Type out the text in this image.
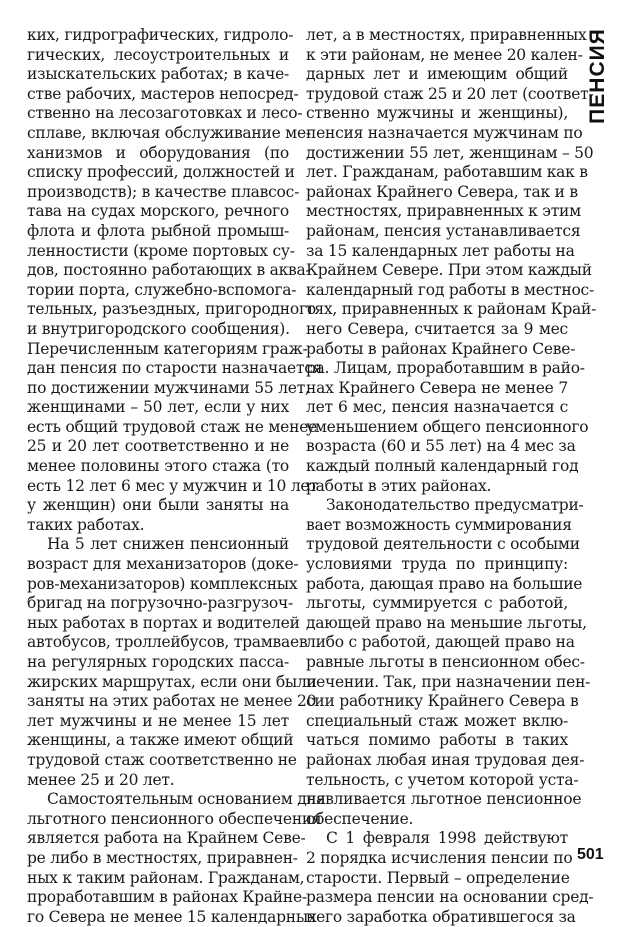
ПЕНСИЯ
ких, гидрографических, гидроло-
гических, лесоустроительных и
изыскательских работах; в каче-
стве рабочих, мастеров непосред-
ственно на лесозаготовках и лесо-
сплаве, включая обслуживание ме-
ханизмов и оборудования (по
списку профессий, должностей и
производств); в качестве плавсос-
тава на судах морского, речного
флота и флота рыбной промыш-
ленностисти (кроме портовых су-
дов, постоянно работающих в аква-
тории порта, служебно-вспомога-
тельных, разъездных, пригородного
и внутригородского сообщения).
Перечисленным категориям граж-
дан пенсия по старости назначается
по достижении мужчинами 55 лет,
женщинами – 50 лет, если у них
есть общий трудовой стаж не менее
25 и 20 лет соответственно и не
менее половины этого стажа (то
есть 12 лет 6 мес у мужчин и 10 лет
у женщин) они были заняты на
таких работах.
На 5 лет снижен пенсионный
возраст для механизаторов (доке-
ров-механизаторов) комплексных
бригад на погрузочно-разгрузоч-
ных работах в портах и водителей
автобусов, троллейбусов, трамваев
на регулярных городских пасса-
жирских маршрутах, если они были
заняты на этих работах не менее 20
лет мужчины и не менее 15 лет
женщины, а также имеют общий
трудовой стаж соответственно не
менее 25 и 20 лет.
Самостоятельным основанием для
льготного пенсионного обеспечения
является работа на Крайнем Севе-
ре либо в местностях, приравнен-
ных к таким районам. Гражданам,
проработавшим в районах Крайне-
го Севера не менее 15 календарных
лет, а в местностях, приравненных
к эти районам, не менее 20 кален-
дарных лет и имеющим общий
трудовой стаж 25 и 20 лет (соответ-
ственно мужчины и женщины),
пенсия назначается мужчинам по
достижении 55 лет, женщинам – 50
лет. Гражданам, работавшим как в
районах Крайнего Севера, так и в
местностях, приравненных к этим
районам, пенсия устанавливается
за 15 календарных лет работы на
Крайнем Севере. При этом каждый
календарный год работы в местнос-
тях, приравненных к районам Край-
него Севера, считается за 9 мес
работы в районах Крайнего Севе-
ра. Лицам, проработавшим в райо-
нах Крайнего Севера не менее 7
лет 6 мес, пенсия назначается с
уменьшением общего пенсионного
возраста (60 и 55 лет) на 4 мес за
каждый полный календарный год
работы в этих районах.
Законодательство предусматри-
вает возможность суммирования
трудовой деятельности с особыми
условиями труда по принципу:
работа, дающая право на большие
льготы, суммируется с работой,
дающей право на меньшие льготы,
либо с работой, дающей право на
равные льготы в пенсионном обес-
печении. Так, при назначении пен-
сии работнику Крайнего Севера в
специальный стаж может вклю-
чаться помимо работы в таких
районах любая иная трудовая дея-
тельность, с учетом которой уста-
навливается льготное пенсионное
обеспечение.
С 1 февраля 1998 действуют
2 порядка исчисления пенсии по
старости. Первый – определение
размера пенсии на основании сред-
него заработка обратившегося за
501
